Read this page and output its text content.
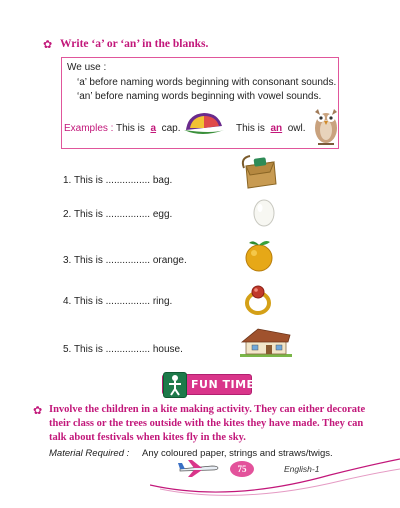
✿ Write ‘a’ or ‘an’ in the blanks.
We use :
‘a’ before naming words beginning with consonant sounds.
‘an’ before naming words beginning with vowel sounds.
Examples : This is a cap.	This is an owl.
1. This is ................ bag.
2. This is ................ egg.
3. This is ................ orange.
4. This is ................ ring.
5. This is ................ house.
FUN TIME
✿ Involve the children in a kite making activity. They can either decorate their class or the trees outside with the kites they have made. They can talk about festivals when kites fly in the sky.
Material Required : Any coloured paper, strings and straws/twigs.
75	English-1
